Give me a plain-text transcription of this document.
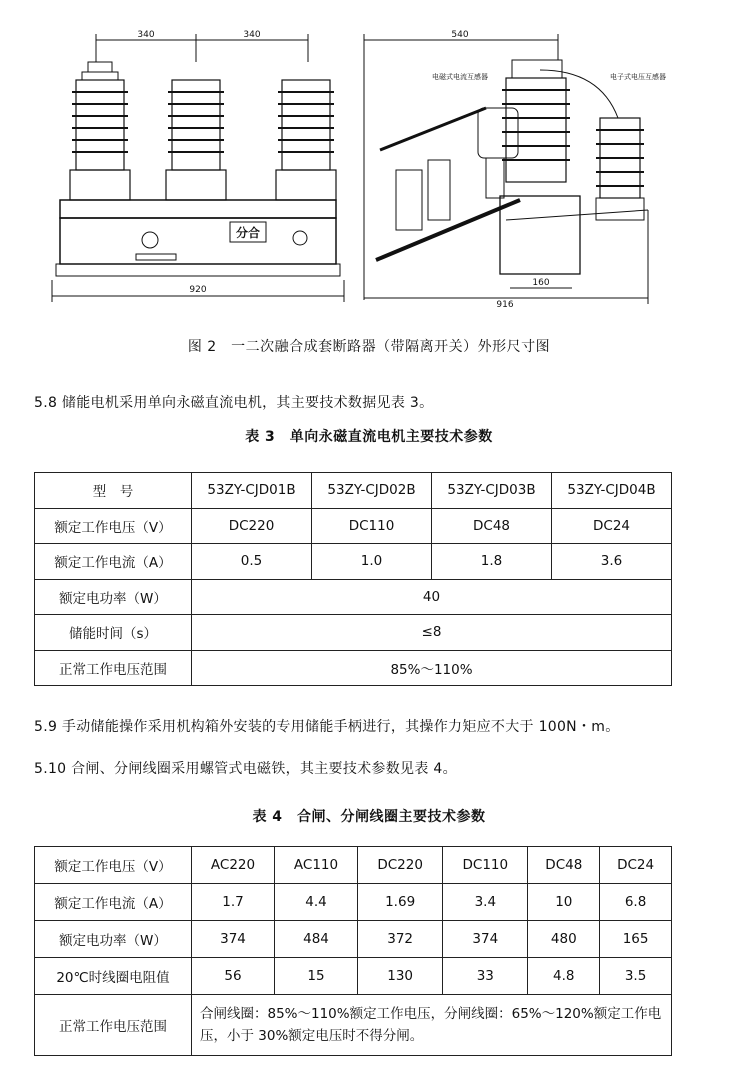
340	340
920
540
160
916
分合
电磁式电流互感器	电子式电压互感器
图 2　一二次融合成套断路器（带隔离开关）外形尺寸图
5.8 储能电机采用单向永磁直流电机，其主要技术数据见表 3。
表 3　单向永磁直流电机主要技术参数
型　号	53ZY-CJD01B	53ZY-CJD02B	53ZY-CJD03B	53ZY-CJD04B
额定工作电压（V）	DC220	DC110	DC48	DC24
额定工作电流（A）	0.5	1.0	1.8	3.6
额定电功率（W）	40			
储能时间（s）	≤8			
正常工作电压范围	85%～110%			
5.9 手动储能操作采用机构箱外安装的专用储能手柄进行，其操作力矩应不大于 100N・m。
5.10 合闸、分闸线圈采用螺管式电磁铁，其主要技术参数见表 4。
表 4　合闸、分闸线圈主要技术参数
额定工作电压（V）	AC220	AC110	DC220	DC110	DC48	DC24
额定工作电流（A）	1.7	4.4	1.69	3.4	10	6.8
额定电功率（W）	374	484	372	374	480	165
20℃时线圈电阻值	56	15	130	33	4.8	3.5
正常工作电压范围	合闸线圈：85%～110%额定工作电压，分闸线圈：65%～120%额定工作电压，小于 30%额定电压时不得分闸。					
